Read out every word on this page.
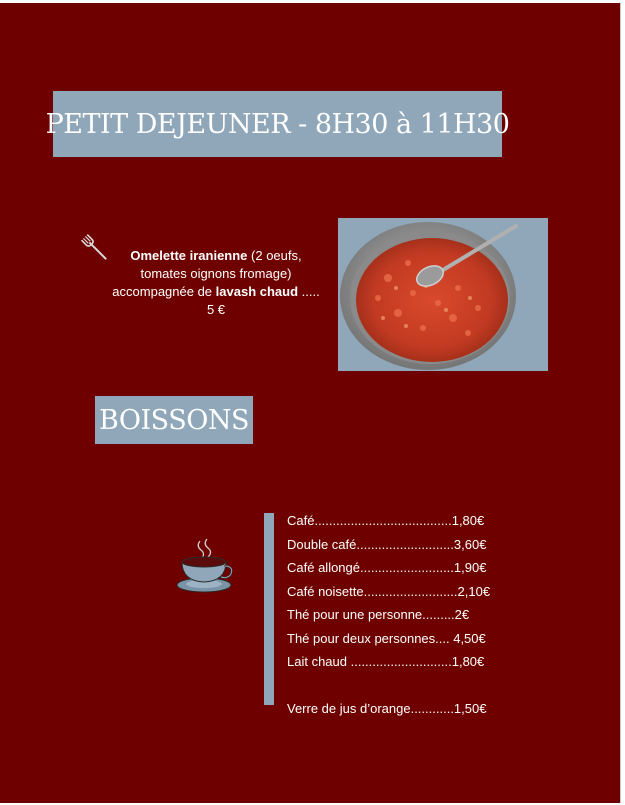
PETIT DEJEUNER - 8H30 à 11H30
Omelette iranienne (2 oeufs, tomates oignons fromage) accompagnée de lavash chaud ..... 5 €
BOISSONS
Café......................................1,80€
Double café...........................3,60€
Café allongé..........................1,90€
Café noisette..........................2,10€
Thé pour une personne.........2€
Thé pour deux personnes.... 4,50€
Lait chaud ............................1,80€
Verre de jus d’orange............1,50€
